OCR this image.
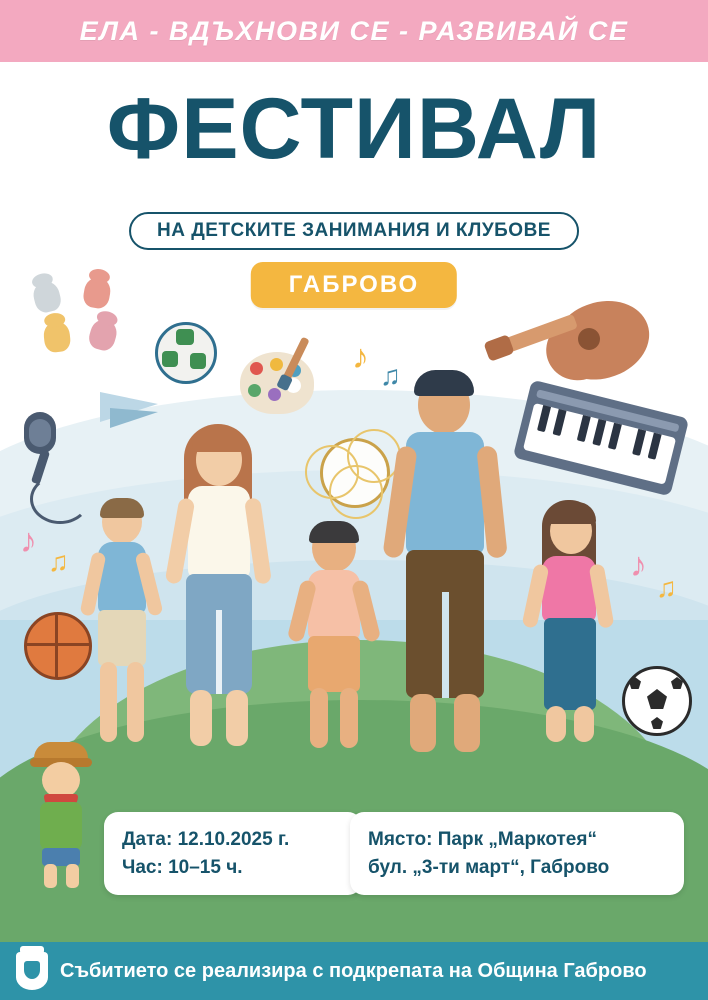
ЕЛА - ВДЪХНОВИ СЕ - РАЗВИВАЙ СЕ
ФЕСТИВАЛ
НА ДЕТСКИТЕ ЗАНИМАНИЯ И КЛУБОВЕ
ГАБРОВО
♪ ♫
♪
♫	♪
♫
Дата: 12.10.2025 г.
Час: 10–15 ч.
Място: Парк „Маркотея“
бул. „3-ти март“, Габрово
Събитието се реализира с подкрепата на Община Габрово
